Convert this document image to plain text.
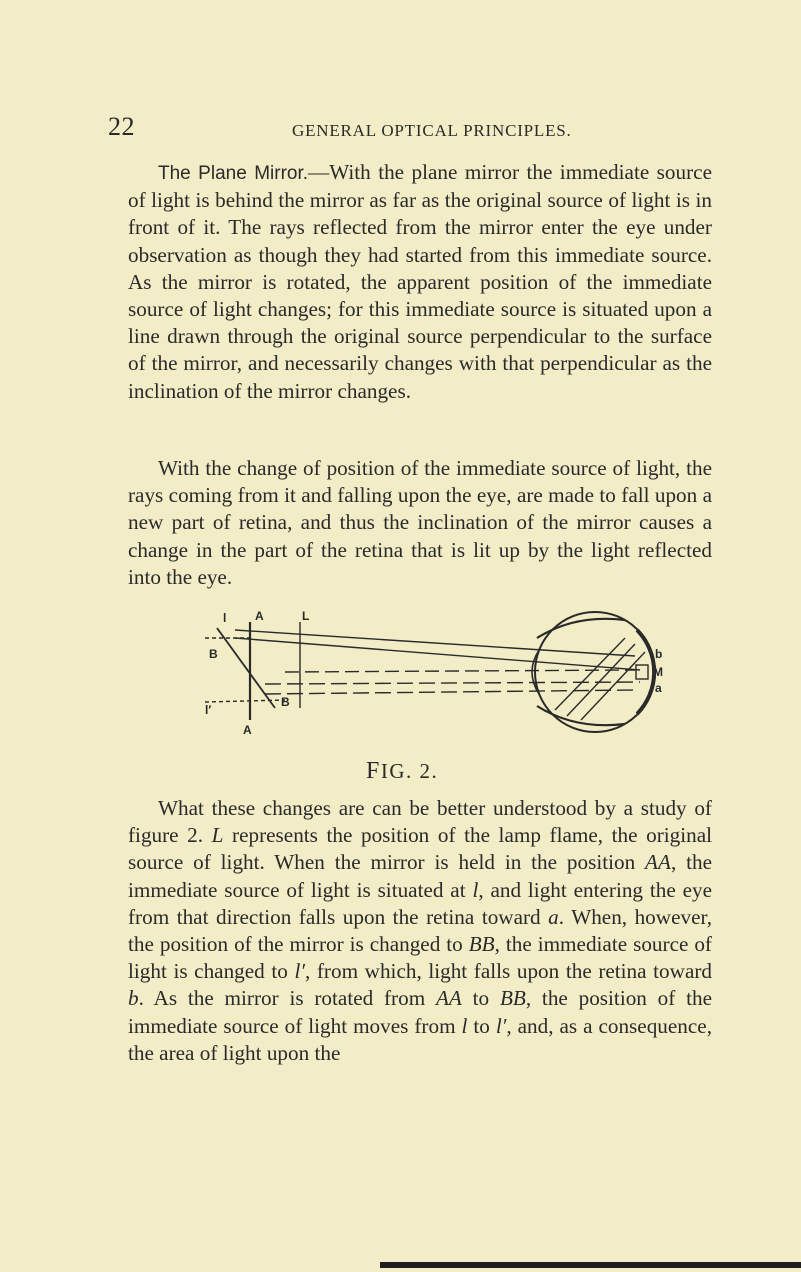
22	GENERAL OPTICAL PRINCIPLES.

The Plane Mirror.—With the plane mirror the immediate source of light is behind the mirror as far as the original source of light is in front of it. The rays reflected from the mirror enter the eye under observation as though they had started from this immediate source. As the mirror is rotated, the apparent position of the immediate source of light changes; for this immediate source is situated upon a line drawn through the original source perpendicular to the surface of the mirror, and necessarily changes with that perpendicular as the inclination of the mirror changes.

With the change of position of the immediate source of light, the rays coming from it and falling upon the eye, are made to fall upon a new part of retina, and thus the inclination of the mirror causes a change in the part of the retina that is lit up by the light reflected into the eye.

l A	L
B
l′
B
A
b
M
a
FIG. 2.

What these changes are can be better understood by a study of figure 2. L represents the position of the lamp flame, the original source of light. When the mirror is held in the position AA, the immediate source of light is situated at l, and light entering the eye from that direction falls upon the retina toward a. When, however, the position of the mirror is changed to BB, the immediate source of light is changed to l′, from which, light falls upon the retina toward b. As the mirror is rotated from AA to BB, the position of the immediate source of light moves from l to l′, and, as a consequence, the area of light upon the
